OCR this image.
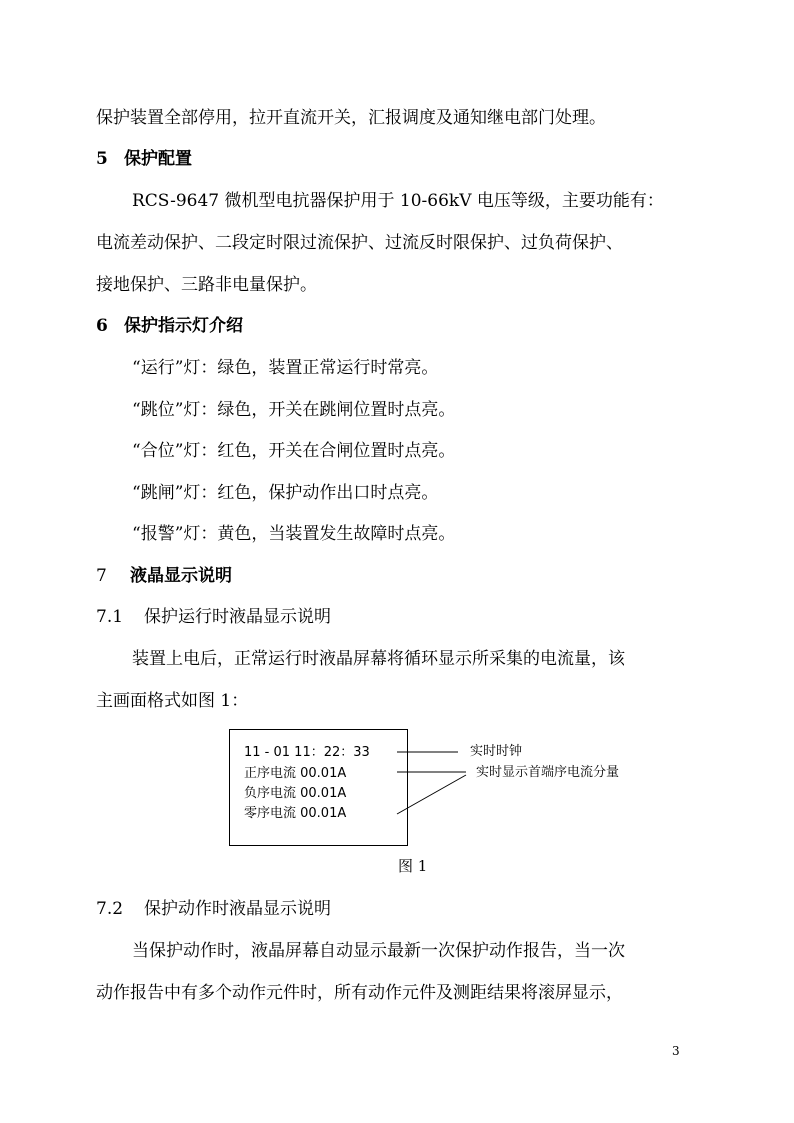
保护装置全部停用，拉开直流开关，汇报调度及通知继电部门处理。
5 保护配置
RCS-9647 微机型电抗器保护用于 10-66kV 电压等级，主要功能有：
电流差动保护、二段定时限过流保护、过流反时限保护、过负荷保护、
接地保护、三路非电量保护。
6 保护指示灯介绍
“运行”灯：绿色，装置正常运行时常亮。
“跳位”灯：绿色，开关在跳闸位置时点亮。
“合位”灯：红色，开关在合闸位置时点亮。
“跳闸”灯：红色，保护动作出口时点亮。
“报警”灯：黄色，当装置发生故障时点亮。
7 液晶显示说明
7.1 保护运行时液晶显示说明
装置上电后，正常运行时液晶屏幕将循环显示所采集的电流量，该
主画面格式如图 1：
11 - 01 11：22：33
正序电流 00.01A
负序电流 00.01A
零序电流 00.01A
实时时钟
实时显示首端序电流分量
图 1
7.2 保护动作时液晶显示说明
当保护动作时，液晶屏幕自动显示最新一次保护动作报告，当一次
动作报告中有多个动作元件时，所有动作元件及测距结果将滚屏显示，
3
